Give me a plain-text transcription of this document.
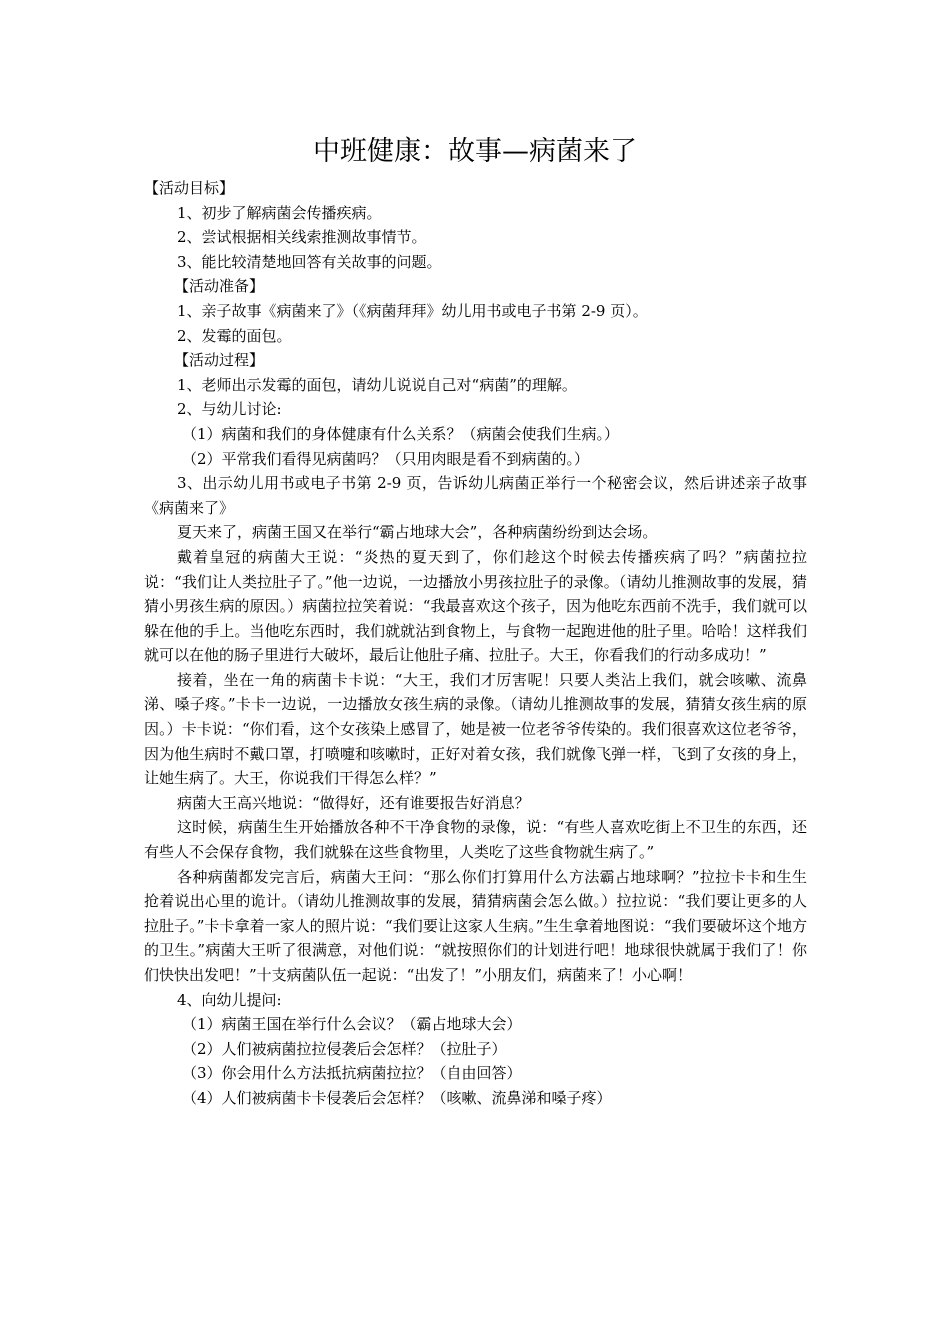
中班健康：故事—病菌来了

【活动目标】

1、初步了解病菌会传播疾病。

2、尝试根据相关线索推测故事情节。

3、能比较清楚地回答有关故事的问题。

【活动准备】

1、亲子故事《病菌来了》（《病菌拜拜》幼儿用书或电子书第 2-9 页）。

2、发霉的面包。

【活动过程】

1、老师出示发霉的面包，请幼儿说说自己对“病菌”的理解。

2、与幼儿讨论:

（1）病菌和我们的身体健康有什么关系？（病菌会使我们生病。）

（2）平常我们看得见病菌吗？（只用肉眼是看不到病菌的。）

3、出示幼儿用书或电子书第 2-9 页，告诉幼儿病菌正举行一个秘密会议，然后讲述亲子故事《病菌来了》

夏天来了，病菌王国又在举行“霸占地球大会”，各种病菌纷纷到达会场。

戴着皇冠的病菌大王说：“炎热的夏天到了，你们趁这个时候去传播疾病了吗？”病菌拉拉说：“我们让人类拉肚子了。”他一边说，一边播放小男孩拉肚子的录像。（请幼儿推测故事的发展，猜猜小男孩生病的原因。）病菌拉拉笑着说：“我最喜欢这个孩子，因为他吃东西前不洗手，我们就可以躲在他的手上。当他吃东西时，我们就就沾到食物上，与食物一起跑进他的肚子里。哈哈！这样我们就可以在他的肠子里进行大破坏，最后让他肚子痛、拉肚子。大王，你看我们的行动多成功！”

接着，坐在一角的病菌卡卡说：“大王，我们才厉害呢！只要人类沾上我们，就会咳嗽、流鼻涕、嗓子疼。”卡卡一边说，一边播放女孩生病的录像。（请幼儿推测故事的发展，猜猜女孩生病的原因。）卡卡说：“你们看，这个女孩染上感冒了，她是被一位老爷爷传染的。我们很喜欢这位老爷爷，因为他生病时不戴口罩，打喷嚏和咳嗽时，正好对着女孩，我们就像飞弹一样，飞到了女孩的身上，让她生病了。大王，你说我们干得怎么样？”

病菌大王高兴地说：“做得好，还有谁要报告好消息？

这时候，病菌生生开始播放各种不干净食物的录像，说：“有些人喜欢吃街上不卫生的东西，还有些人不会保存食物，我们就躲在这些食物里，人类吃了这些食物就生病了。”

各种病菌都发完言后，病菌大王问：“那么你们打算用什么方法霸占地球啊？”拉拉卡卡和生生抢着说出心里的诡计。（请幼儿推测故事的发展，猜猜病菌会怎么做。）拉拉说：“我们要让更多的人拉肚子。”卡卡拿着一家人的照片说：“我们要让这家人生病。”生生拿着地图说：“我们要破坏这个地方的卫生。”病菌大王听了很满意，对他们说：“就按照你们的计划进行吧！地球很快就属于我们了！你们快快出发吧！”十支病菌队伍一起说：“出发了！”小朋友们，病菌来了！小心啊！

4、向幼儿提问:

（1）病菌王国在举行什么会议？（霸占地球大会）

（2）人们被病菌拉拉侵袭后会怎样？（拉肚子）

（3）你会用什么方法抵抗病菌拉拉？（自由回答）

（4）人们被病菌卡卡侵袭后会怎样？（咳嗽、流鼻涕和嗓子疼）
